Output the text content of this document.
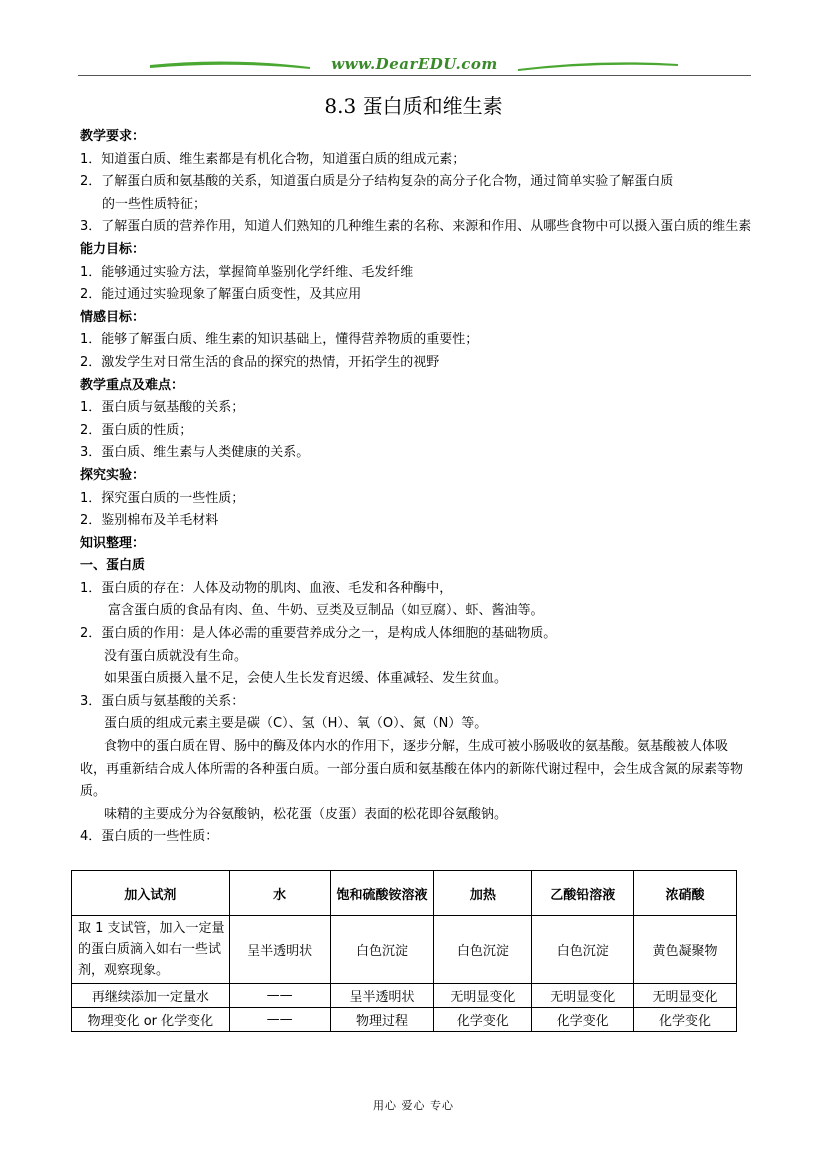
www.DearEDU.com
8.3 蛋白质和维生素
教学要求：
1．知道蛋白质、维生素都是有机化合物，知道蛋白质的组成元素；
2．了解蛋白质和氨基酸的关系，知道蛋白质是分子结构复杂的高分子化合物，通过简单实验了解蛋白质
的一些性质特征；
3．了解蛋白质的营养作用，知道人们熟知的几种维生素的名称、来源和作用、从哪些食物中可以摄入蛋白质的维生素
能力目标：
1．能够通过实验方法，掌握简单鉴别化学纤维、毛发纤维
2．能过通过实验现象了解蛋白质变性，及其应用
情感目标：
1．能够了解蛋白质、维生素的知识基础上，懂得营养物质的重要性；
2．激发学生对日常生活的食品的探究的热情，开拓学生的视野
教学重点及难点：
1．蛋白质与氨基酸的关系；
2．蛋白质的性质；
3．蛋白质、维生素与人类健康的关系。
探究实验：
1．探究蛋白质的一些性质；
2．鉴别棉布及羊毛材料
知识整理：
一、蛋白质
1．蛋白质的存在：人体及动物的肌肉、血液、毛发和各种酶中，
富含蛋白质的食品有肉、鱼、牛奶、豆类及豆制品（如豆腐）、虾、酱油等。
2．蛋白质的作用：是人体必需的重要营养成分之一，是构成人体细胞的基础物质。
没有蛋白质就没有生命。
如果蛋白质摄入量不足，会使人生长发育迟缓、体重减轻、发生贫血。
3．蛋白质与氨基酸的关系：
蛋白质的组成元素主要是碳（C）、氢（H）、氧（O）、氮（N）等。
食物中的蛋白质在胃、肠中的酶及体内水的作用下，逐步分解，生成可被小肠吸收的氨基酸。氨基酸被人体吸收，再重新结合成人体所需的各种蛋白质。一部分蛋白质和氨基酸在体内的新陈代谢过程中，会生成含氮的尿素等物质。
味精的主要成分为谷氨酸钠，松花蛋（皮蛋）表面的松花即谷氨酸钠。
4．蛋白质的一些性质：
加入试剂	水	饱和硫酸铵溶液	加热	乙酸铅溶液	浓硝酸
取 1 支试管，加入一定量的蛋白质滴入如右一些试剂，观察现象。	呈半透明状	白色沉淀	白色沉淀	白色沉淀	黄色凝聚物
再继续添加一定量水	——	呈半透明状	无明显变化	无明显变化	无明显变化
物理变化 or 化学变化	——	物理过程	化学变化	化学变化	化学变化
用心 爱心 专心
